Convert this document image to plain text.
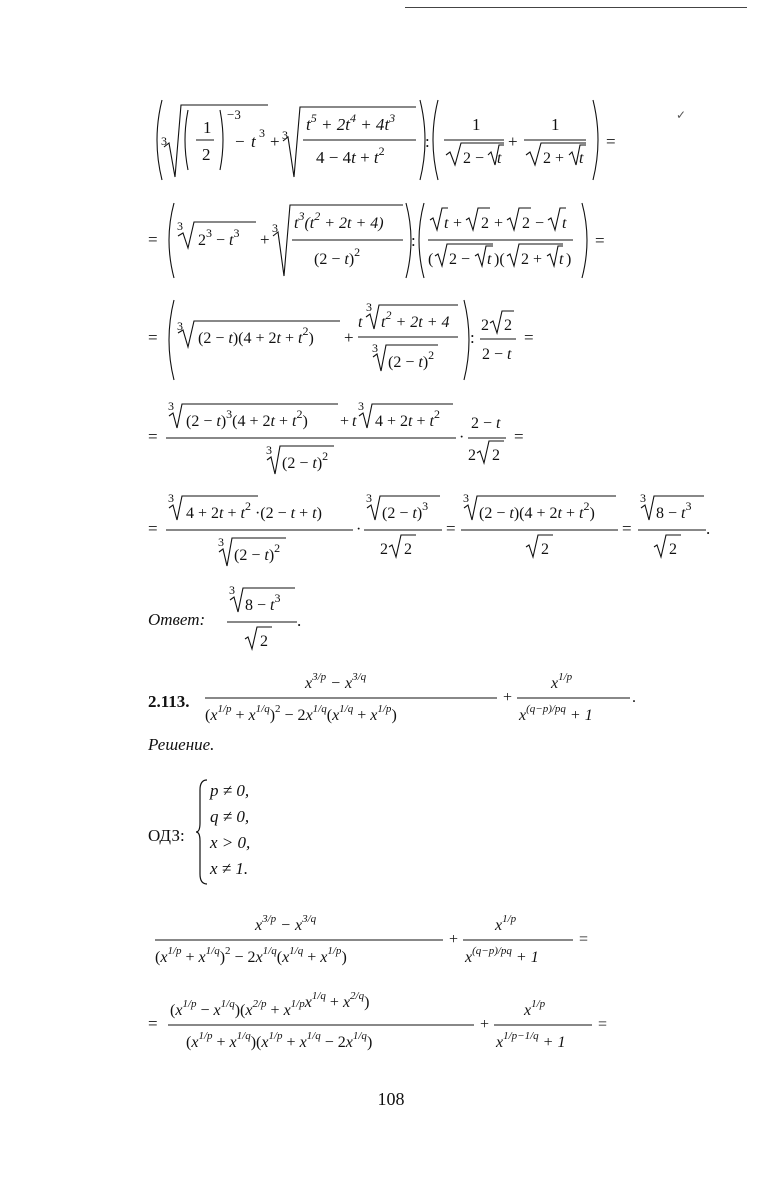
✓
3
1
2
−3
− t 3 + 3
$t^5 + 2t^4 + 4t^3$
$4 - 4t + t^2$ :
1
2 − t
+
1
2 + t
=
=
3
$2^3 - t^3$ +
3 $t^3(t^2 + 2t + 4)$
$(2 - t)^2$
:
t + 2 + 2 − t
( 2 − t )( 2 + t )
=
=
3
$(2 - t)(4 + 2t + t^2)$ +
t
3
$t^2 + 2t + 4$
3
$(2 - t)^2$
:
2 2
2 − t
=
=
3
$(2 - t)^3(4 + 2t + t^2) + t$
3
$4 + 2t + t^2$
3
$(2 - t)^2$
·
2 − t
2 2
=
=
3
$4 + 2t + t^2 \cdot(2 - t + t)$
3
$(2 - t)^2$
·
3
$(2 - t)^3$
2 2
=
3
$(2 - t)(4 + 2t + t^2)$
2
=
3
$8 - t^3$
2
.
Ответ:
3
$8 - t^3$
2
.
2.113.
$x^{3/p} - x^{3/q}$
$(x^{1/p} + x^{1/q})^2 - 2x^{1/q}(x^{1/q} + x^{1/p})$
+
$x^{1/p}$
$x^{(q-p)/pq} + 1$
.
Решение.
ОДЗ:
p ≠ 0,
q ≠ 0,
x > 0,
x ≠ 1.
$x^{3/p} - x^{3/q}$
$(x^{1/p} + x^{1/q})^2 - 2x^{1/q}(x^{1/q} + x^{1/p})$
+
$x^{1/p}$
$x^{(q-p)/pq} + 1$
=
=
$(x^{1/p} - x^{1/q})(x^{2/p} + x^{1/p}x^{1/q} + x^{2/q})$
$(x^{1/p} + x^{1/q})(x^{1/p} + x^{1/q} - 2x^{1/q})$
+
$x^{1/p}$
$x^{1/p-1/q} + 1$
=
108
